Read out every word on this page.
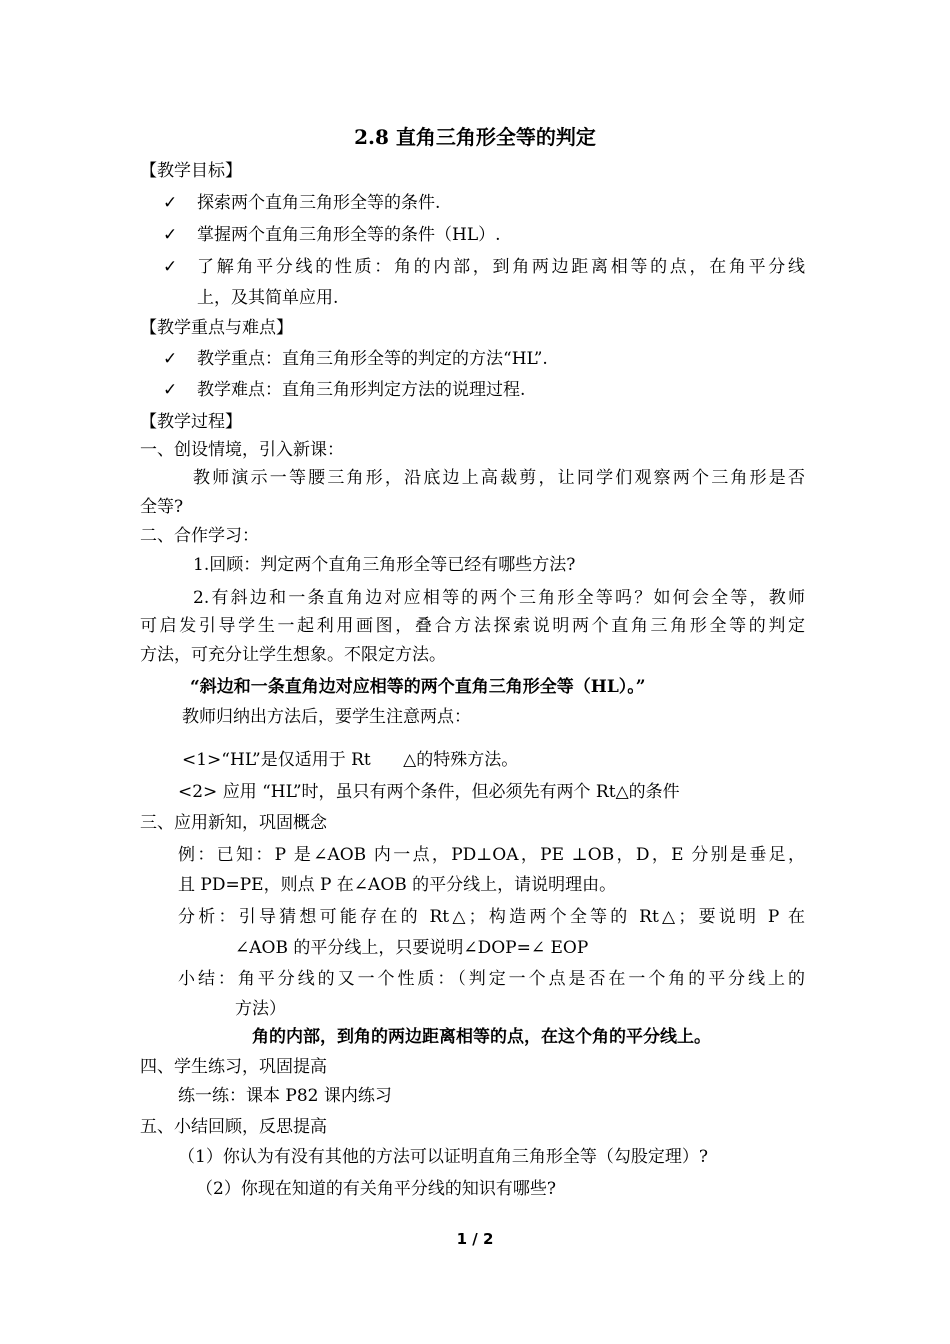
2.8 直角三角形全等的判定
【教学目标】
✓ 探索两个直角三角形全等的条件.
✓ 掌握两个直角三角形全等的条件（HL）.
✓ 了解角平分线的性质：角的内部，到角两边距离相等的点，在角平分线
上，及其简单应用.
【教学重点与难点】
✓ 教学重点：直角三角形全等的判定的方法“HL”.
✓ 教学难点：直角三角形判定方法的说理过程.
【教学过程】
一、创设情境，引入新课：
教师演示一等腰三角形，沿底边上高裁剪，让同学们观察两个三角形是否
全等?
二、合作学习：
1.回顾：判定两个直角三角形全等已经有哪些方法?
2.有斜边和一条直角边对应相等的两个三角形全等吗？如何会全等，教师
可启发引导学生一起利用画图，叠合方法探索说明两个直角三角形全等的判定
方法，可充分让学生想象。不限定方法。
“斜边和一条直角边对应相等的两个直角三角形全等（HL）。”
教师归纳出方法后，要学生注意两点：
<1>“HL”是仅适用于 Rt      △的特殊方法。
<2> 应用 “HL”时，虽只有两个条件，但必须先有两个 Rt△的条件
三、应用新知，巩固概念
例：已知：P 是∠AOB 内一点，PD⊥OA，PE ⊥OB，D，E 分别是垂足，
且 PD=PE，则点 P 在∠AOB 的平分线上，请说明理由。
分析：引导猜想可能存在的 Rt△；构造两个全等的 Rt△；要说明 P 在
∠AOB 的平分线上，只要说明∠DOP=∠ EOP
小结：角平分线的又一个性质：（判定一个点是否在一个角的平分线上的
方法）
角的内部，到角的两边距离相等的点，在这个角的平分线上。
四、学生练习，巩固提高
练一练：课本 P82 课内练习
五、小结回顾，反思提高
（1）你认为有没有其他的方法可以证明直角三角形全等（勾股定理）?
（2）你现在知道的有关角平分线的知识有哪些?
1 / 2
